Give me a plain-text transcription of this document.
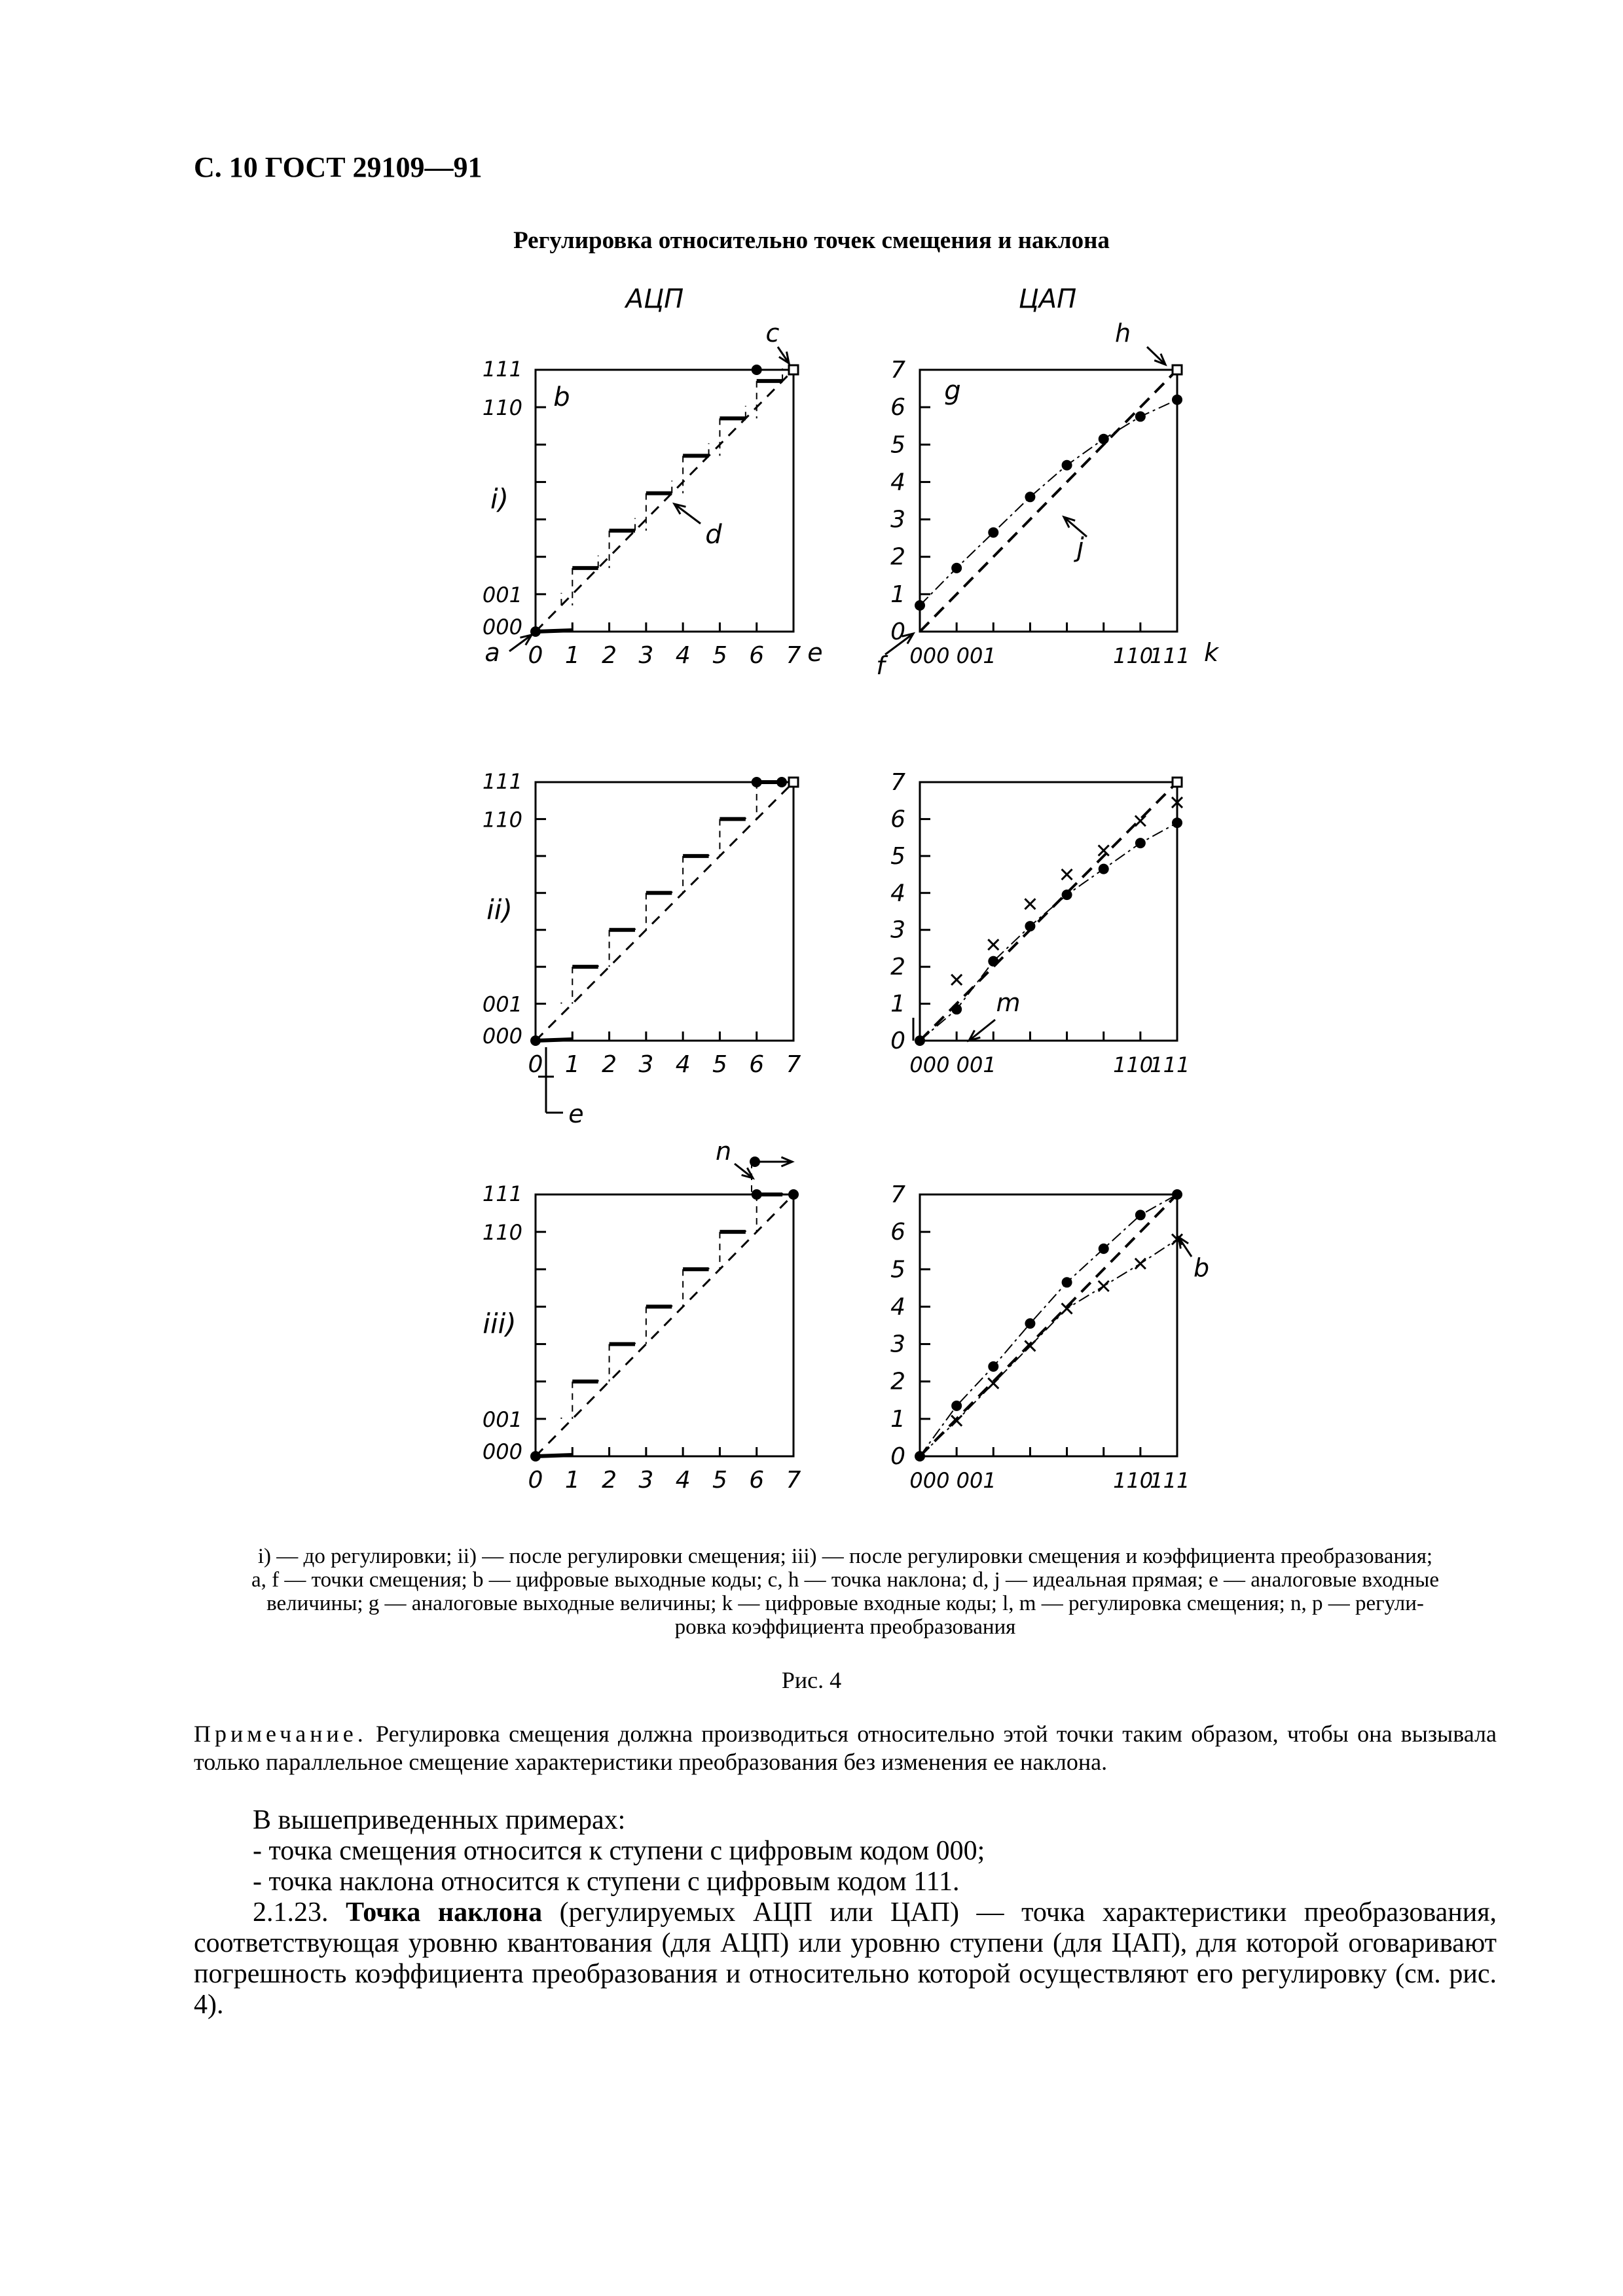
С. 10 ГОСТ 29109—91
Регулировка относительно точек смещения и наклона
АЦП	ЦАП
111
110
001
000
i)
0 1 2 3 4 5 6 7
111
110
001
000
ii)
0 1 2 3 4 5 6 7
111
110
001
000
iii)
0 1 2 3 4 5 6 7
b
c
d
a	e
e
n
7
6
5
4
3
2
1
0
000 001	110
111
7
6
5
4
3
2
1
0
000 001	110
111
7
6
5
4
3
2
1
0
000 001	110
111
g
h
j
k
f
m
b
i) — до регулировки; ii) — после регулировки смещения; iii) — после регулировки смещения и коэффициента преобразования;
a, f — точки смещения; b — цифровые выходные коды; c, h — точка наклона; d, j — идеальная прямая; e — аналоговые входные
величины; g — аналоговые выходные величины; k — цифровые входные коды; l, m — регулировка смещения; n, p — регули-
ровка коэффициента преобразования
Рис. 4
Примечание. Регулировка смещения должна производиться относительно этой точки таким образом, чтобы она вызывала только параллельное смещение характеристики преобразования без изменения ее наклона.

В вышеприведенных примерах:

- точка смещения относится к ступени с цифровым кодом 000;

- точка наклона относится к ступени с цифровым кодом 111.

2.1.23. Точка наклона (регулируемых АЦП или ЦАП) — точка характеристики преобразования, соответствующая уровню квантования (для АЦП) или уровню ступени (для ЦАП), для которой оговаривают погрешность коэффициента преобразования и относительно которой осуществляют его регулировку (см. рис. 4).
